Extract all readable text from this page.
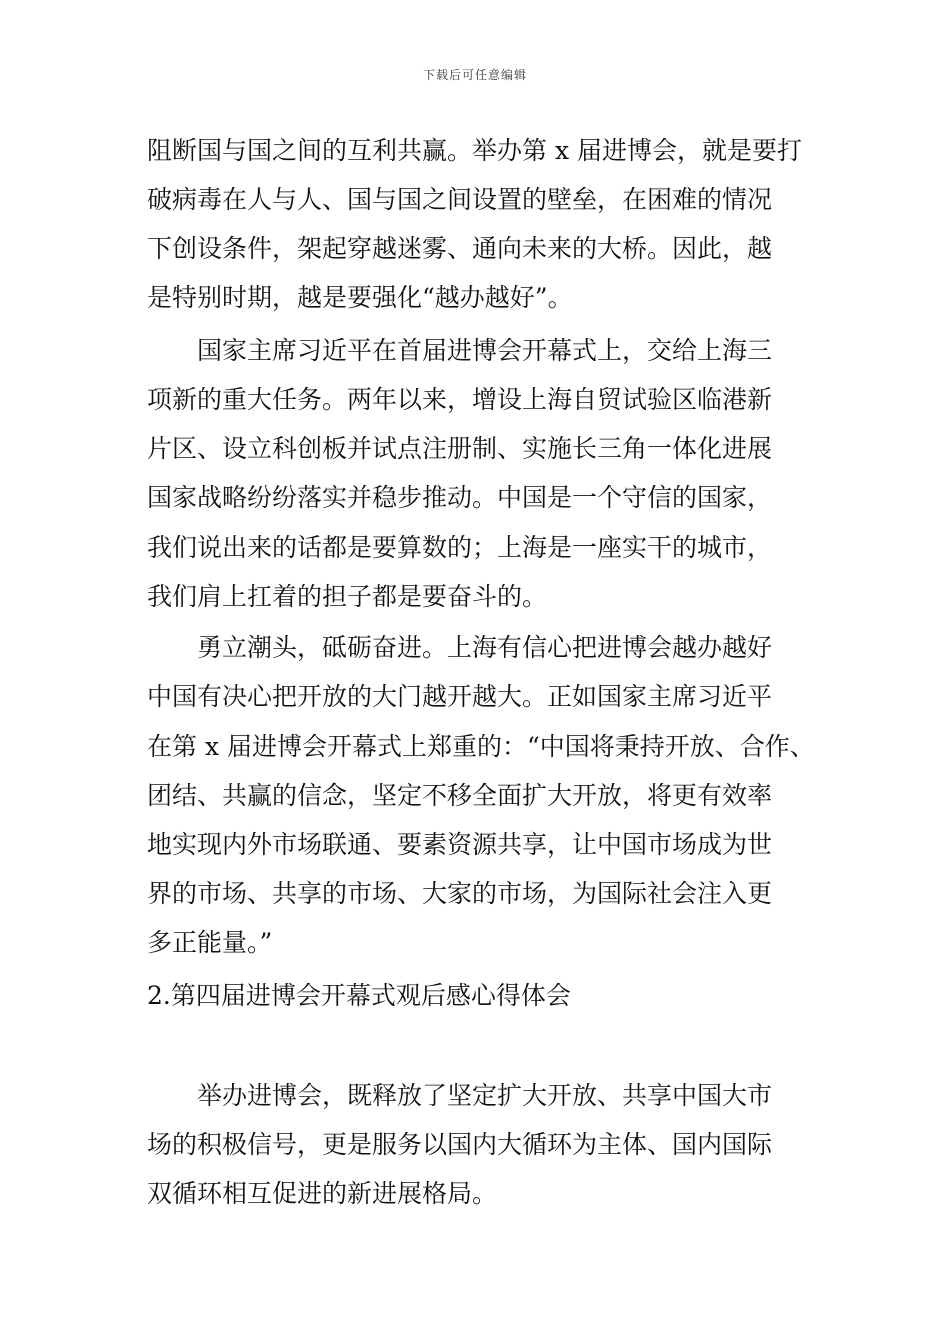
下载后可任意编辑
阻断国与国之间的互利共赢。举办第 x 届进博会，就是要打
破病毒在人与人、国与国之间设置的壁垒，在困难的情况
下创设条件，架起穿越迷雾、通向未来的大桥。因此，越
是特别时期，越是要强化“越办越好”。
国家主席习近平在首届进博会开幕式上，交给上海三
项新的重大任务。两年以来，增设上海自贸试验区临港新
片区、设立科创板并试点注册制、实施长三角一体化进展
国家战略纷纷落实并稳步推动。中国是一个守信的国家，
我们说出来的话都是要算数的；上海是一座实干的城市，
我们肩上扛着的担子都是要奋斗的。
勇立潮头，砥砺奋进。上海有信心把进博会越办越好
中国有决心把开放的大门越开越大。正如国家主席习近平
在第 x 届进博会开幕式上郑重的：“中国将秉持开放、合作、
团结、共赢的信念，坚定不移全面扩大开放，将更有效率
地实现内外市场联通、要素资源共享，让中国市场成为世
界的市场、共享的市场、大家的市场，为国际社会注入更
多正能量。”
2.第四届进博会开幕式观后感心得体会
举办进博会，既释放了坚定扩大开放、共享中国大市
场的积极信号，更是服务以国内大循环为主体、国内国际
双循环相互促进的新进展格局。
